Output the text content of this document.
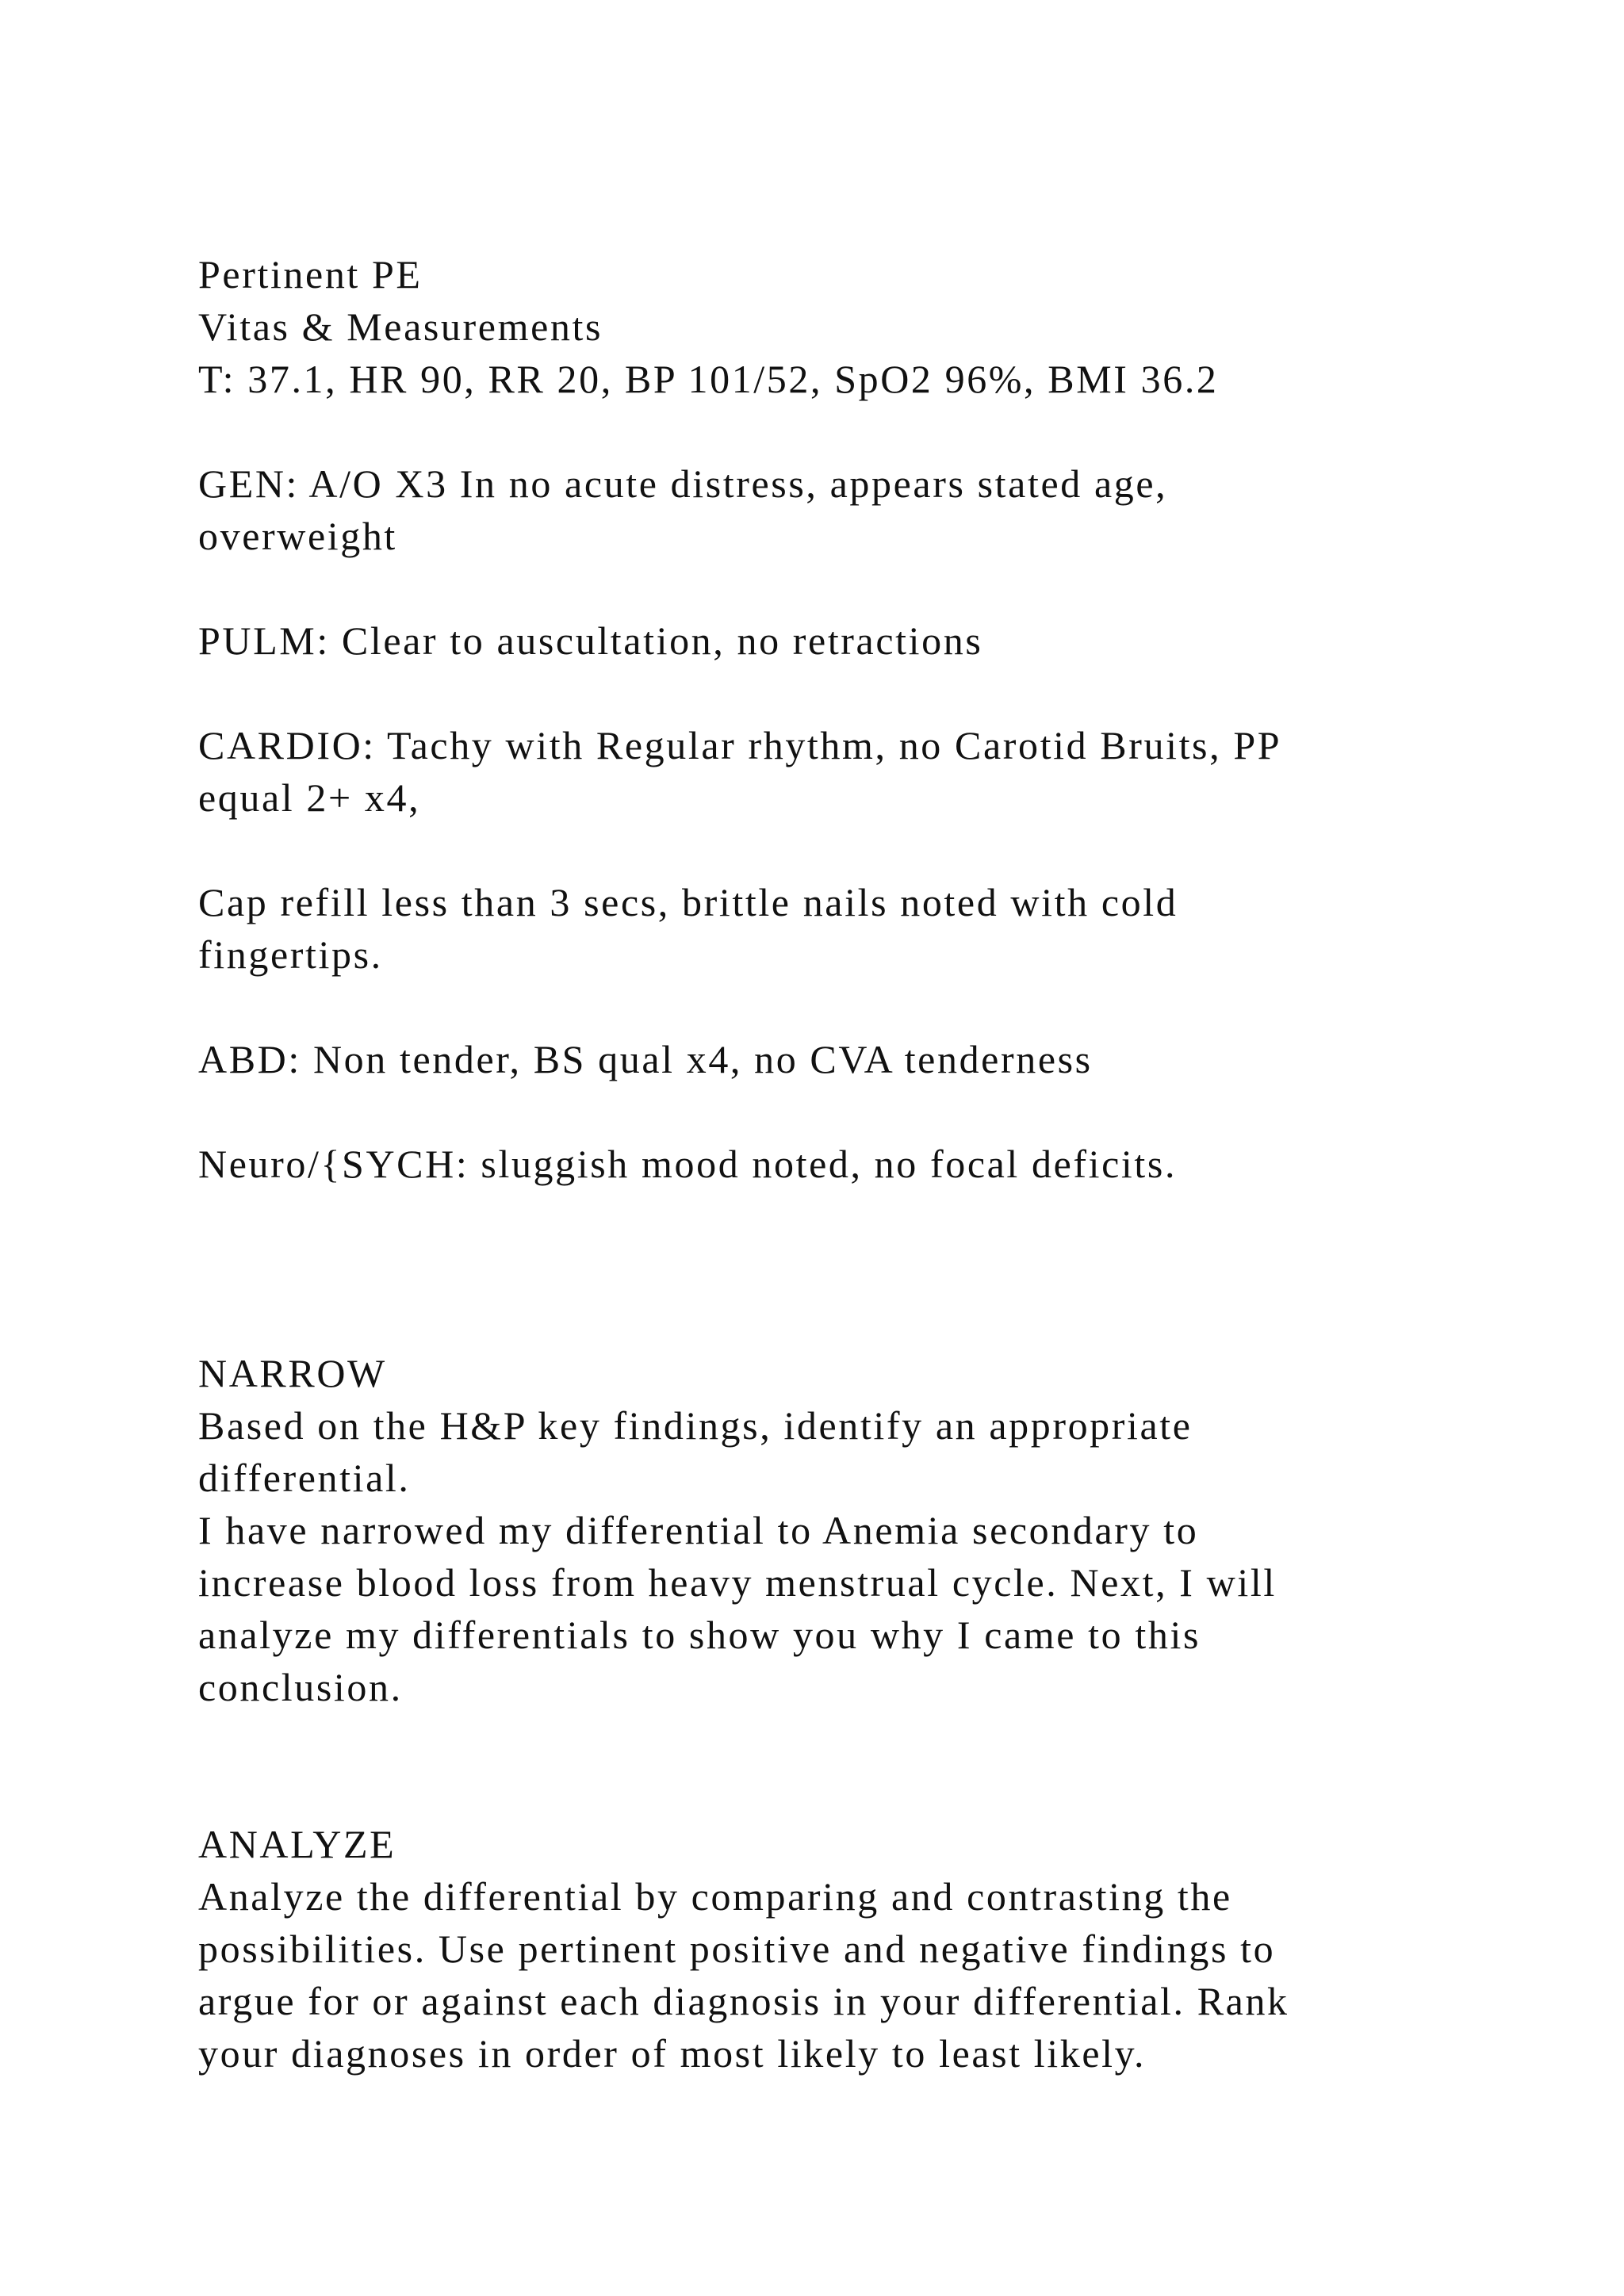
Pertinent PE
Vitas & Measurements
T: 37.1, HR 90, RR 20, BP 101/52, SpO2 96%, BMI 36.2
GEN: A/O X3 In no acute distress, appears stated age,
overweight
PULM: Clear to auscultation, no retractions
CARDIO: Tachy with Regular rhythm, no Carotid Bruits, PP
equal 2+ x4,
Cap refill less than 3 secs, brittle nails noted with cold
fingertips.
ABD: Non tender, BS qual x4, no CVA tenderness
Neuro/{SYCH: sluggish mood noted, no focal deficits.
NARROW
Based on the H&P key findings, identify an appropriate
differential.
I have narrowed my differential to Anemia secondary to
increase blood loss from heavy menstrual cycle. Next, I will
analyze my differentials to show you why I came to this
conclusion.
ANALYZE
Analyze the differential by comparing and contrasting the
possibilities. Use pertinent positive and negative findings to
argue for or against each diagnosis in your differential. Rank
your diagnoses in order of most likely to least likely.
